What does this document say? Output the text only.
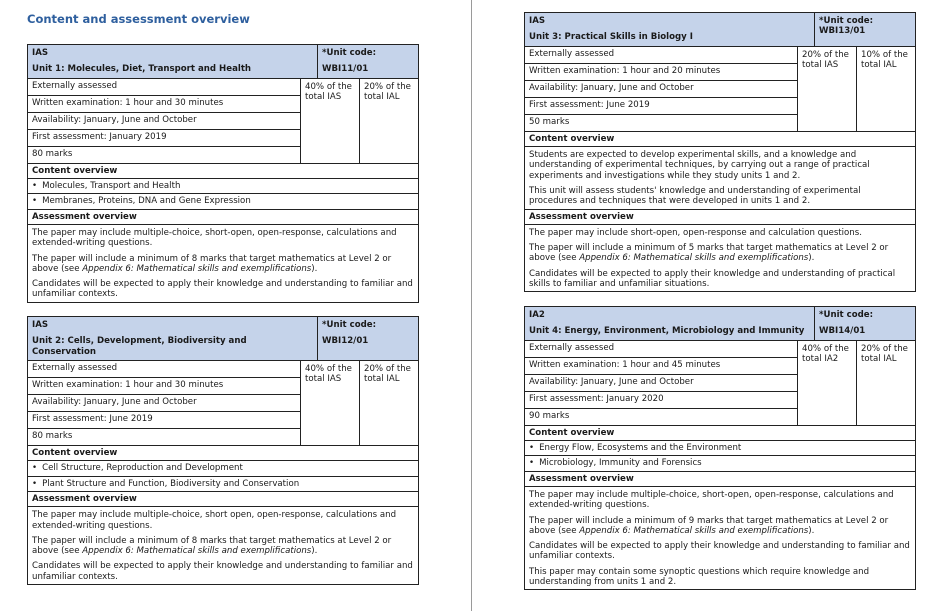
Content and assessment overview
IAS
Unit 1: Molecules, Diet, Transport and Health
*Unit code:
WBI11/01
Externally assessed
Written examination: 1 hour and 30 minutes
Availability: January, June and October
First assessment: January 2019
80 marks
40% of the total IAS
20% of the total IAL
Content overview
• Molecules, Transport and Health
• Membranes, Proteins, DNA and Gene Expression
Assessment overview
The paper may include multiple-choice, short-open, open-response, calculations and extended-writing questions.
The paper will include a minimum of 8 marks that target mathematics at Level 2 or above (see Appendix 6: Mathematical skills and exemplifications).
Candidates will be expected to apply their knowledge and understanding to familiar and unfamiliar contexts.
IAS
Unit 2: Cells, Development, Biodiversity and Conservation
*Unit code:
WBI12/01
Externally assessed
Written examination: 1 hour and 30 minutes
Availability: January, June and October
First assessment: June 2019
80 marks
40% of the total IAS
20% of the total IAL
Content overview
• Cell Structure, Reproduction and Development
• Plant Structure and Function, Biodiversity and Conservation
Assessment overview
The paper may include multiple-choice, short open, open-response, calculations and extended-writing questions.
The paper will include a minimum of 8 marks that target mathematics at Level 2 or above (see Appendix 6: Mathematical skills and exemplifications).
Candidates will be expected to apply their knowledge and understanding to familiar and unfamiliar contexts.
IAS
Unit 3: Practical Skills in Biology I
*Unit code:
WBI13/01
Externally assessed
Written examination: 1 hour and 20 minutes
Availability: January, June and October
First assessment: June 2019
50 marks
20% of the total IAS
10% of the total IAL
Content overview
Students are expected to develop experimental skills, and a knowledge and understanding of experimental techniques, by carrying out a range of practical experiments and investigations while they study units 1 and 2.
This unit will assess students' knowledge and understanding of experimental procedures and techniques that were developed in units 1 and 2.
Assessment overview
The paper may include short-open, open-response and calculation questions.
The paper will include a minimum of 5 marks that target mathematics at Level 2 or above (see Appendix 6: Mathematical skills and exemplifications).
Candidates will be expected to apply their knowledge and understanding of practical skills to familiar and unfamiliar situations.
IA2
Unit 4: Energy, Environment, Microbiology and Immunity
*Unit code:
WBI14/01
Externally assessed
Written examination: 1 hour and 45 minutes
Availability: January, June and October
First assessment: January 2020
90 marks
40% of the total IA2
20% of the total IAL
Content overview
• Energy Flow, Ecosystems and the Environment
• Microbiology, Immunity and Forensics
Assessment overview
The paper may include multiple-choice, short-open, open-response, calculations and extended-writing questions.
The paper will include a minimum of 9 marks that target mathematics at Level 2 or above (see Appendix 6: Mathematical skills and exemplifications).
Candidates will be expected to apply their knowledge and understanding to familiar and unfamiliar contexts.
This paper may contain some synoptic questions which require knowledge and understanding from units 1 and 2.
